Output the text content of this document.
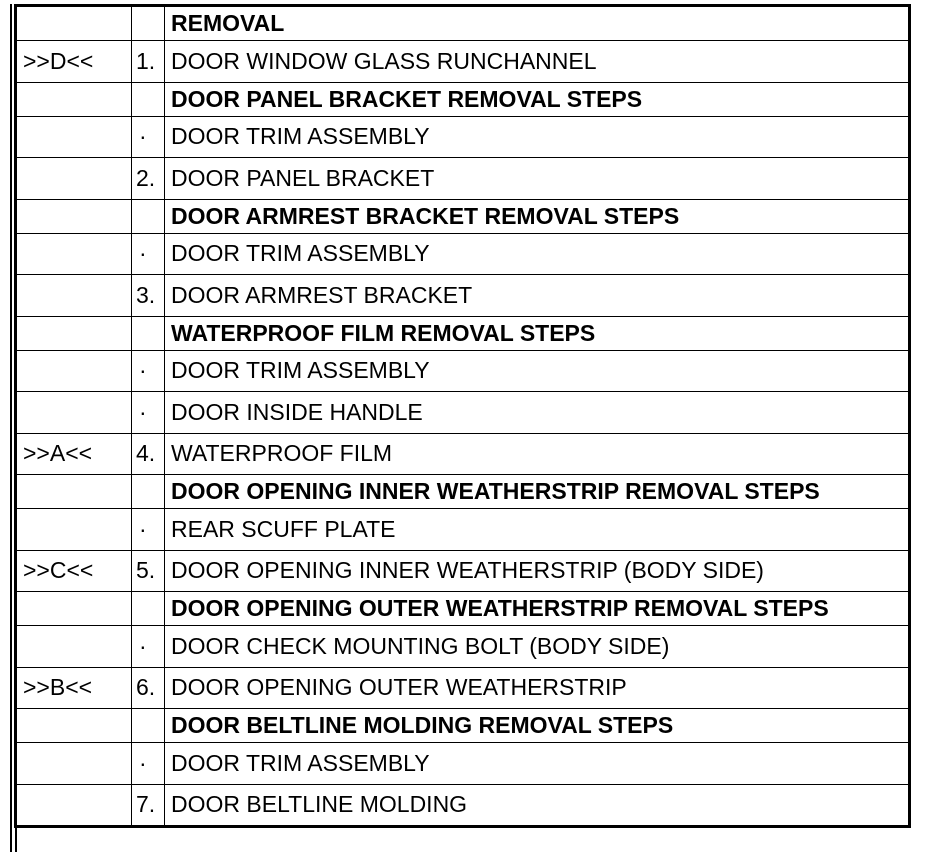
		REMOVAL
>>D<<	1.	DOOR WINDOW GLASS RUNCHANNEL
		DOOR PANEL BRACKET REMOVAL STEPS
	·	DOOR TRIM ASSEMBLY
	2.	DOOR PANEL BRACKET
		DOOR ARMREST BRACKET REMOVAL STEPS
	·	DOOR TRIM ASSEMBLY
	3.	DOOR ARMREST BRACKET
		WATERPROOF FILM REMOVAL STEPS
	·	DOOR TRIM ASSEMBLY
	·	DOOR INSIDE HANDLE
>>A<<	4.	WATERPROOF FILM
		DOOR OPENING INNER WEATHERSTRIP REMOVAL STEPS
	·	REAR SCUFF PLATE
>>C<<	5.	DOOR OPENING INNER WEATHERSTRIP (BODY SIDE)
		DOOR OPENING OUTER WEATHERSTRIP REMOVAL STEPS
	·	DOOR CHECK MOUNTING BOLT (BODY SIDE)
>>B<<	6.	DOOR OPENING OUTER WEATHERSTRIP
		DOOR BELTLINE MOLDING REMOVAL STEPS
	·	DOOR TRIM ASSEMBLY
	7.	DOOR BELTLINE MOLDING
